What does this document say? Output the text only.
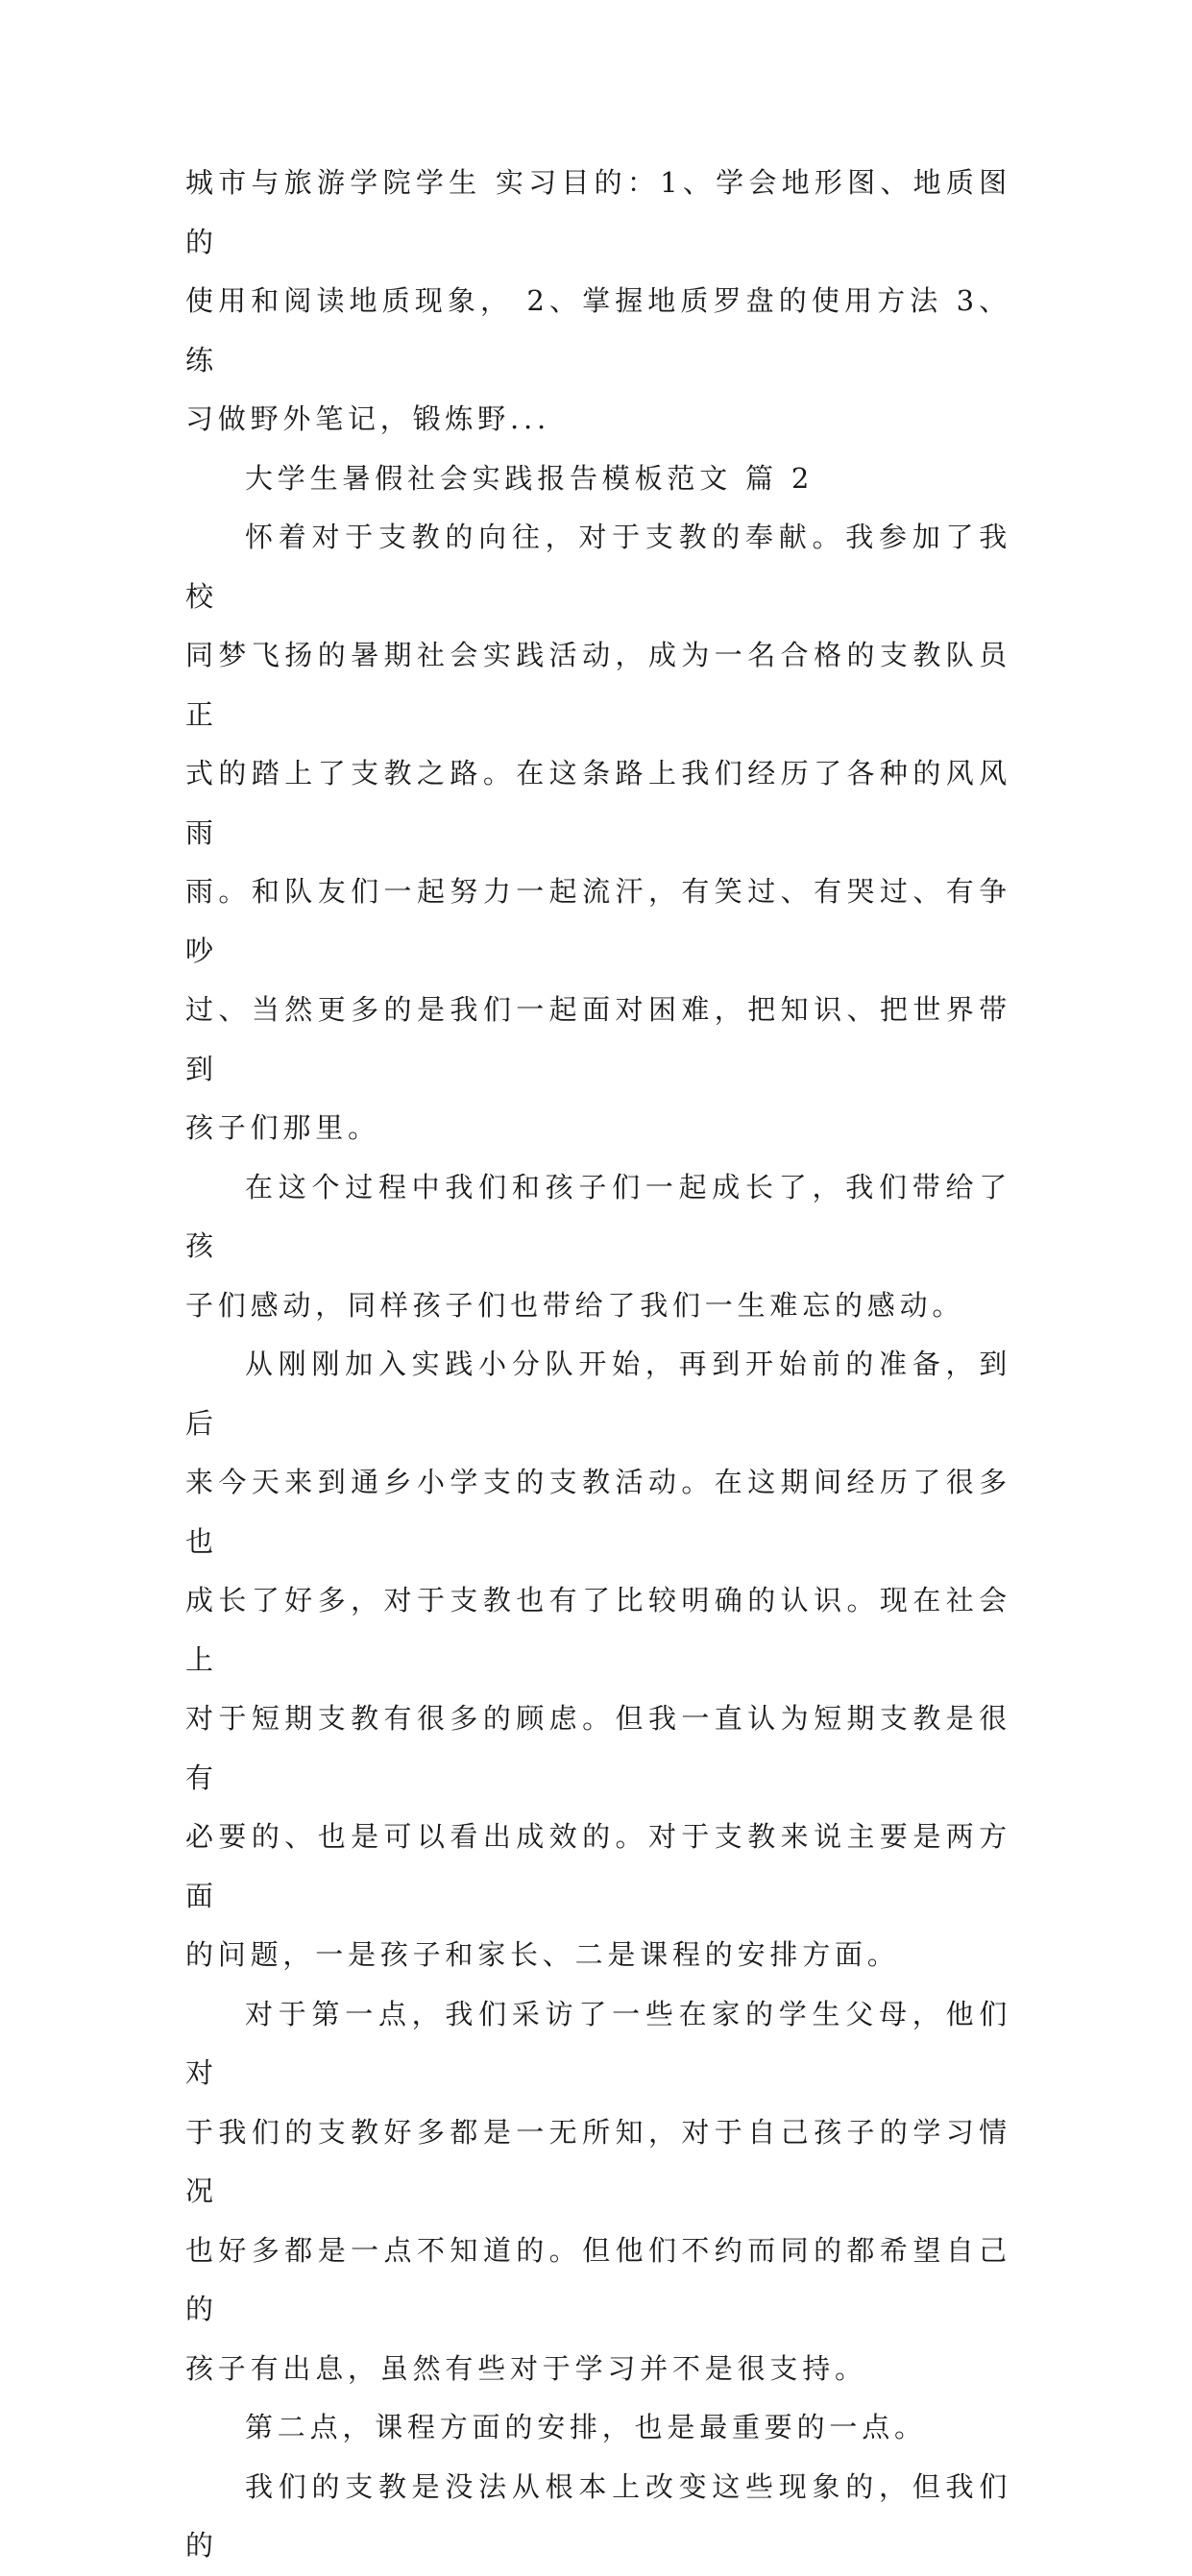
城市与旅游学院学生 实习目的：1、学会地形图、地质图的
使用和阅读地质现象， 2、掌握地质罗盘的使用方法 3、练
习做野外笔记，锻炼野...
大学生暑假社会实践报告模板范文 篇 2
怀着对于支教的向往，对于支教的奉献。我参加了我校
同梦飞扬的暑期社会实践活动，成为一名合格的支教队员正
式的踏上了支教之路。在这条路上我们经历了各种的风风雨
雨。和队友们一起努力一起流汗，有笑过、有哭过、有争吵
过、当然更多的是我们一起面对困难，把知识、把世界带到
孩子们那里。
在这个过程中我们和孩子们一起成长了，我们带给了孩
子们感动，同样孩子们也带给了我们一生难忘的感动。
从刚刚加入实践小分队开始，再到开始前的准备，到后
来今天来到通乡小学支的支教活动。在这期间经历了很多也
成长了好多，对于支教也有了比较明确的认识。现在社会上
对于短期支教有很多的顾虑。但我一直认为短期支教是很有
必要的、也是可以看出成效的。对于支教来说主要是两方面
的问题，一是孩子和家长、二是课程的安排方面。
对于第一点，我们采访了一些在家的学生父母，他们对
于我们的支教好多都是一无所知，对于自己孩子的学习情况
也好多都是一点不知道的。但他们不约而同的都希望自己的
孩子有出息，虽然有些对于学习并不是很支持。
第二点，课程方面的安排，也是最重要的一点。
我们的支教是没法从根本上改变这些现象的，但我们的
